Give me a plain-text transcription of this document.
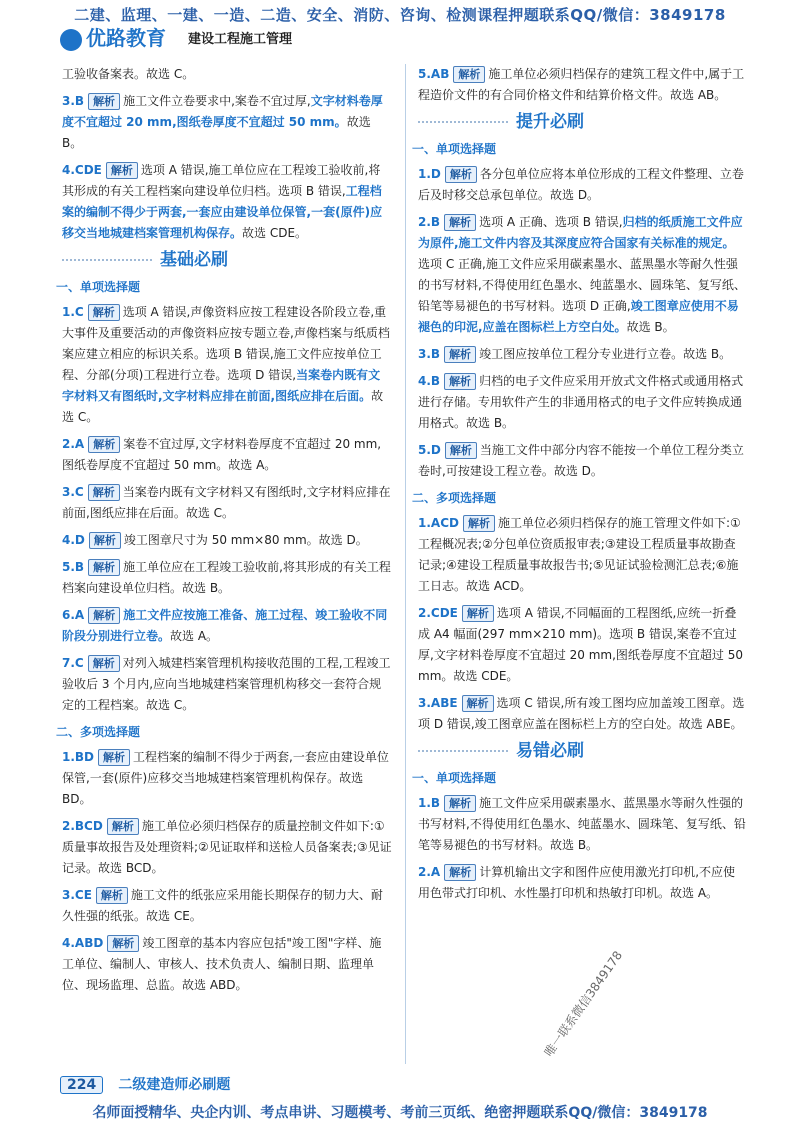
二建、监理、一建、一造、二造、安全、消防、咨询、检测课程押题联系QQ/微信：3849178
优路教育 建设工程施工管理
工验收备案表。故选 C。
3.B 解析 施工文件立卷要求中,案卷不宜过厚,文字材料卷厚度不宜超过 20 mm,图纸卷厚度不宜超过 50 mm。故选 B。
4.CDE 解析 选项 A 错误,施工单位应在工程竣工验收前,将其形成的有关工程档案向建设单位归档。选项 B 错误,工程档案的编制不得少于两套,一套应由建设单位保管,一套(原件)应移交当地城建档案管理机构保存。故选 CDE。
基础必刷
一、单项选择题
1.C 解析 选项 A 错误,声像资料应按工程建设各阶段立卷,重大事件及重要活动的声像资料应按专题立卷,声像档案与纸质档案应建立相应的标识关系。选项 B 错误,施工文件应按单位工程、分部(分项)工程进行立卷。选项 D 错误,当案卷内既有文字材料又有图纸时,文字材料应排在前面,图纸应排在后面。故选 C。
2.A 解析 案卷不宜过厚,文字材料卷厚度不宜超过 20 mm,图纸卷厚度不宜超过 50 mm。故选 A。
3.C 解析 当案卷内既有文字材料又有图纸时,文字材料应排在前面,图纸应排在后面。故选 C。
4.D 解析 竣工图章尺寸为 50 mm×80 mm。故选 D。
5.B 解析 施工单位应在工程竣工验收前,将其形成的有关工程档案向建设单位归档。故选 B。
6.A 解析 施工文件应按施工准备、施工过程、竣工验收不同阶段分别进行立卷。故选 A。
7.C 解析 对列入城建档案管理机构接收范围的工程,工程竣工验收后 3 个月内,应向当地城建档案管理机构移交一套符合规定的工程档案。故选 C。
二、多项选择题
1.BD 解析 工程档案的编制不得少于两套,一套应由建设单位保管,一套(原件)应移交当地城建档案管理机构保存。故选 BD。
2.BCD 解析 施工单位必须归档保存的质量控制文件如下:①质量事故报告及处理资料;②见证取样和送检人员备案表;③见证记录。故选 BCD。
3.CE 解析 施工文件的纸张应采用能长期保存的韧力大、耐久性强的纸张。故选 CE。
4.ABD 解析 竣工图章的基本内容应包括"竣工图"字样、施工单位、编制人、审核人、技术负责人、编制日期、监理单位、现场监理、总监。故选 ABD。
5.AB 解析 施工单位必须归档保存的建筑工程文件中,属于工程造价文件的有合同价格文件和结算价格文件。故选 AB。
提升必刷
一、单项选择题
1.D 解析 各分包单位应将本单位形成的工程文件整理、立卷后及时移交总承包单位。故选 D。
2.B 解析 选项 A 正确、选项 B 错误,归档的纸质施工文件应为原件,施工文件内容及其深度应符合国家有关标准的规定。选项 C 正确,施工文件应采用碳素墨水、蓝黑墨水等耐久性强的书写材料,不得使用红色墨水、纯蓝墨水、圆珠笔、复写纸、铅笔等易褪色的书写材料。选项 D 正确,竣工图章应使用不易褪色的印泥,应盖在图标栏上方空白处。故选 B。
3.B 解析 竣工图应按单位工程分专业进行立卷。故选 B。
4.B 解析 归档的电子文件应采用开放式文件格式或通用格式进行存储。专用软件产生的非通用格式的电子文件应转换成通用格式。故选 B。
5.D 解析 当施工文件中部分内容不能按一个单位工程分类立卷时,可按建设工程立卷。故选 D。
二、多项选择题
1.ACD 解析 施工单位必须归档保存的施工管理文件如下:①工程概况表;②分包单位资质报审表;③建设工程质量事故勘查记录;④建设工程质量事故报告书;⑤见证试验检测汇总表;⑥施工日志。故选 ACD。
2.CDE 解析 选项 A 错误,不同幅面的工程图纸,应统一折叠成 A4 幅面(297 mm×210 mm)。选项 B 错误,案卷不宜过厚,文字材料卷厚度不宜超过 20 mm,图纸卷厚度不宜超过 50 mm。故选 CDE。
3.ABE 解析 选项 C 错误,所有竣工图均应加盖竣工图章。选项 D 错误,竣工图章应盖在图标栏上方的空白处。故选 ABE。
易错必刷
一、单项选择题
1.B 解析 施工文件应采用碳素墨水、蓝黑墨水等耐久性强的书写材料,不得使用红色墨水、纯蓝墨水、圆珠笔、复写纸、铅笔等易褪色的书写材料。故选 B。
2.A 解析 计算机输出文字和图件应使用激光打印机,不应使用色带式打印机、水性墨打印机和热敏打印机。故选 A。
224 二级建造师必刷题
唯一联系微信3849178
名师面授精华、央企内训、考点串讲、习题模考、考前三页纸、绝密押题联系QQ/微信：3849178
